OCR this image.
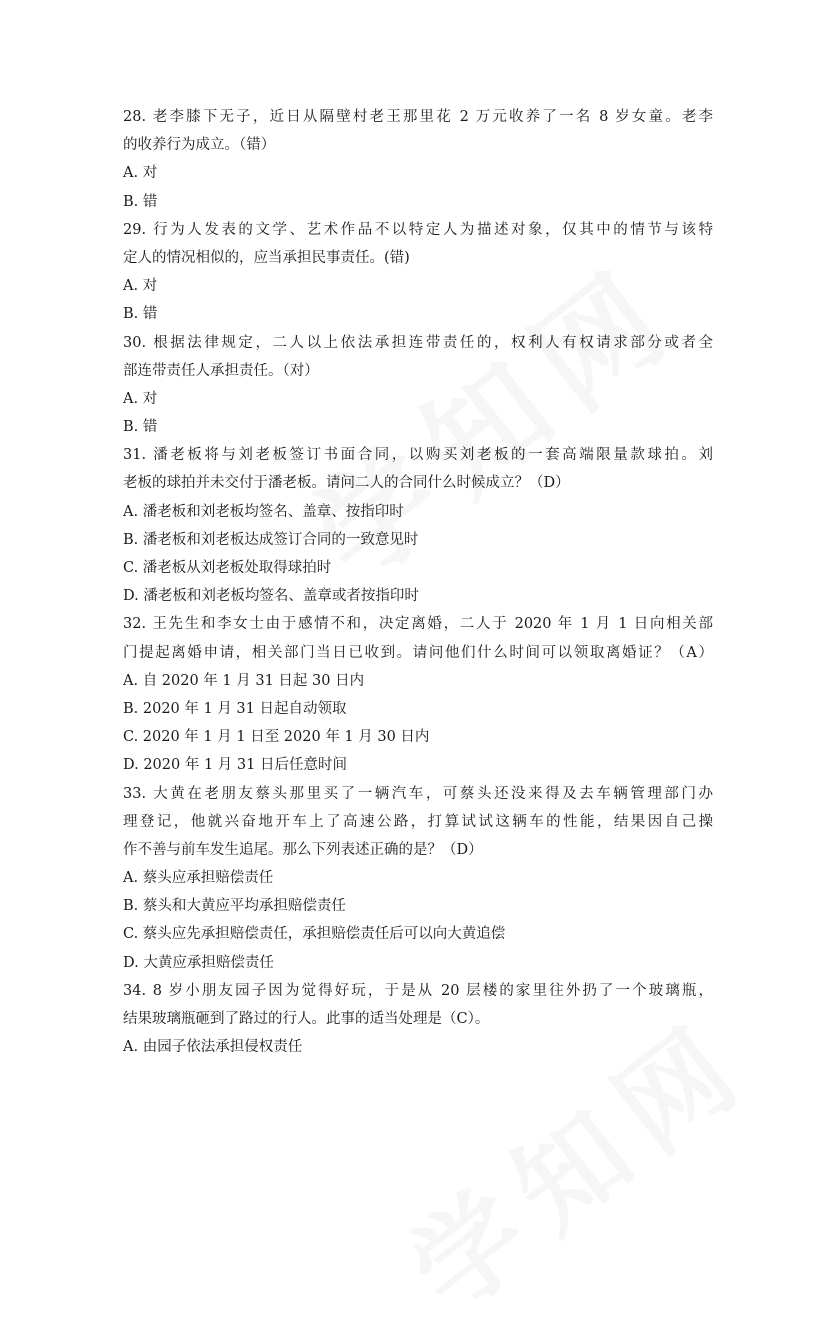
28. 老李膝下无子，近日从隔壁村老王那里花 2 万元收养了一名 8 岁女童。老李
的收养行为成立。（错）
A. 对
B. 错
29. 行为人发表的文学、艺术作品不以特定人为描述对象，仅其中的情节与该特
定人的情况相似的，应当承担民事责任。(错)
A. 对
B. 错
30. 根据法律规定，二人以上依法承担连带责任的，权利人有权请求部分或者全
部连带责任人承担责任。（对）
A. 对
B. 错
31. 潘老板将与刘老板签订书面合同，以购买刘老板的一套高端限量款球拍。刘
老板的球拍并未交付于潘老板。请问二人的合同什么时候成立？（D）
A. 潘老板和刘老板均签名、盖章、按指印时
B. 潘老板和刘老板达成签订合同的一致意见时
C. 潘老板从刘老板处取得球拍时
D. 潘老板和刘老板均签名、盖章或者按指印时
32. 王先生和李女士由于感情不和，决定离婚，二人于 2020 年 1 月 1 日向相关部
门提起离婚申请，相关部门当日已收到。请问他们什么时间可以领取离婚证？（A）
A. 自 2020 年 1 月 31 日起 30 日内
B. 2020 年 1 月 31 日起自动领取
C. 2020 年 1 月 1 日至 2020 年 1 月 30 日内
D. 2020 年 1 月 31 日后任意时间
33. 大黄在老朋友蔡头那里买了一辆汽车，可蔡头还没来得及去车辆管理部门办
理登记，他就兴奋地开车上了高速公路，打算试试这辆车的性能，结果因自己操
作不善与前车发生追尾。那么下列表述正确的是？（D）
A. 蔡头应承担赔偿责任
B. 蔡头和大黄应平均承担赔偿责任
C. 蔡头应先承担赔偿责任，承担赔偿责任后可以向大黄追偿
D. 大黄应承担赔偿责任
34. 8 岁小朋友园子因为觉得好玩，于是从 20 层楼的家里往外扔了一个玻璃瓶，
结果玻璃瓶砸到了路过的行人。此事的适当处理是（C）。
A. 由园子依法承担侵权责任
